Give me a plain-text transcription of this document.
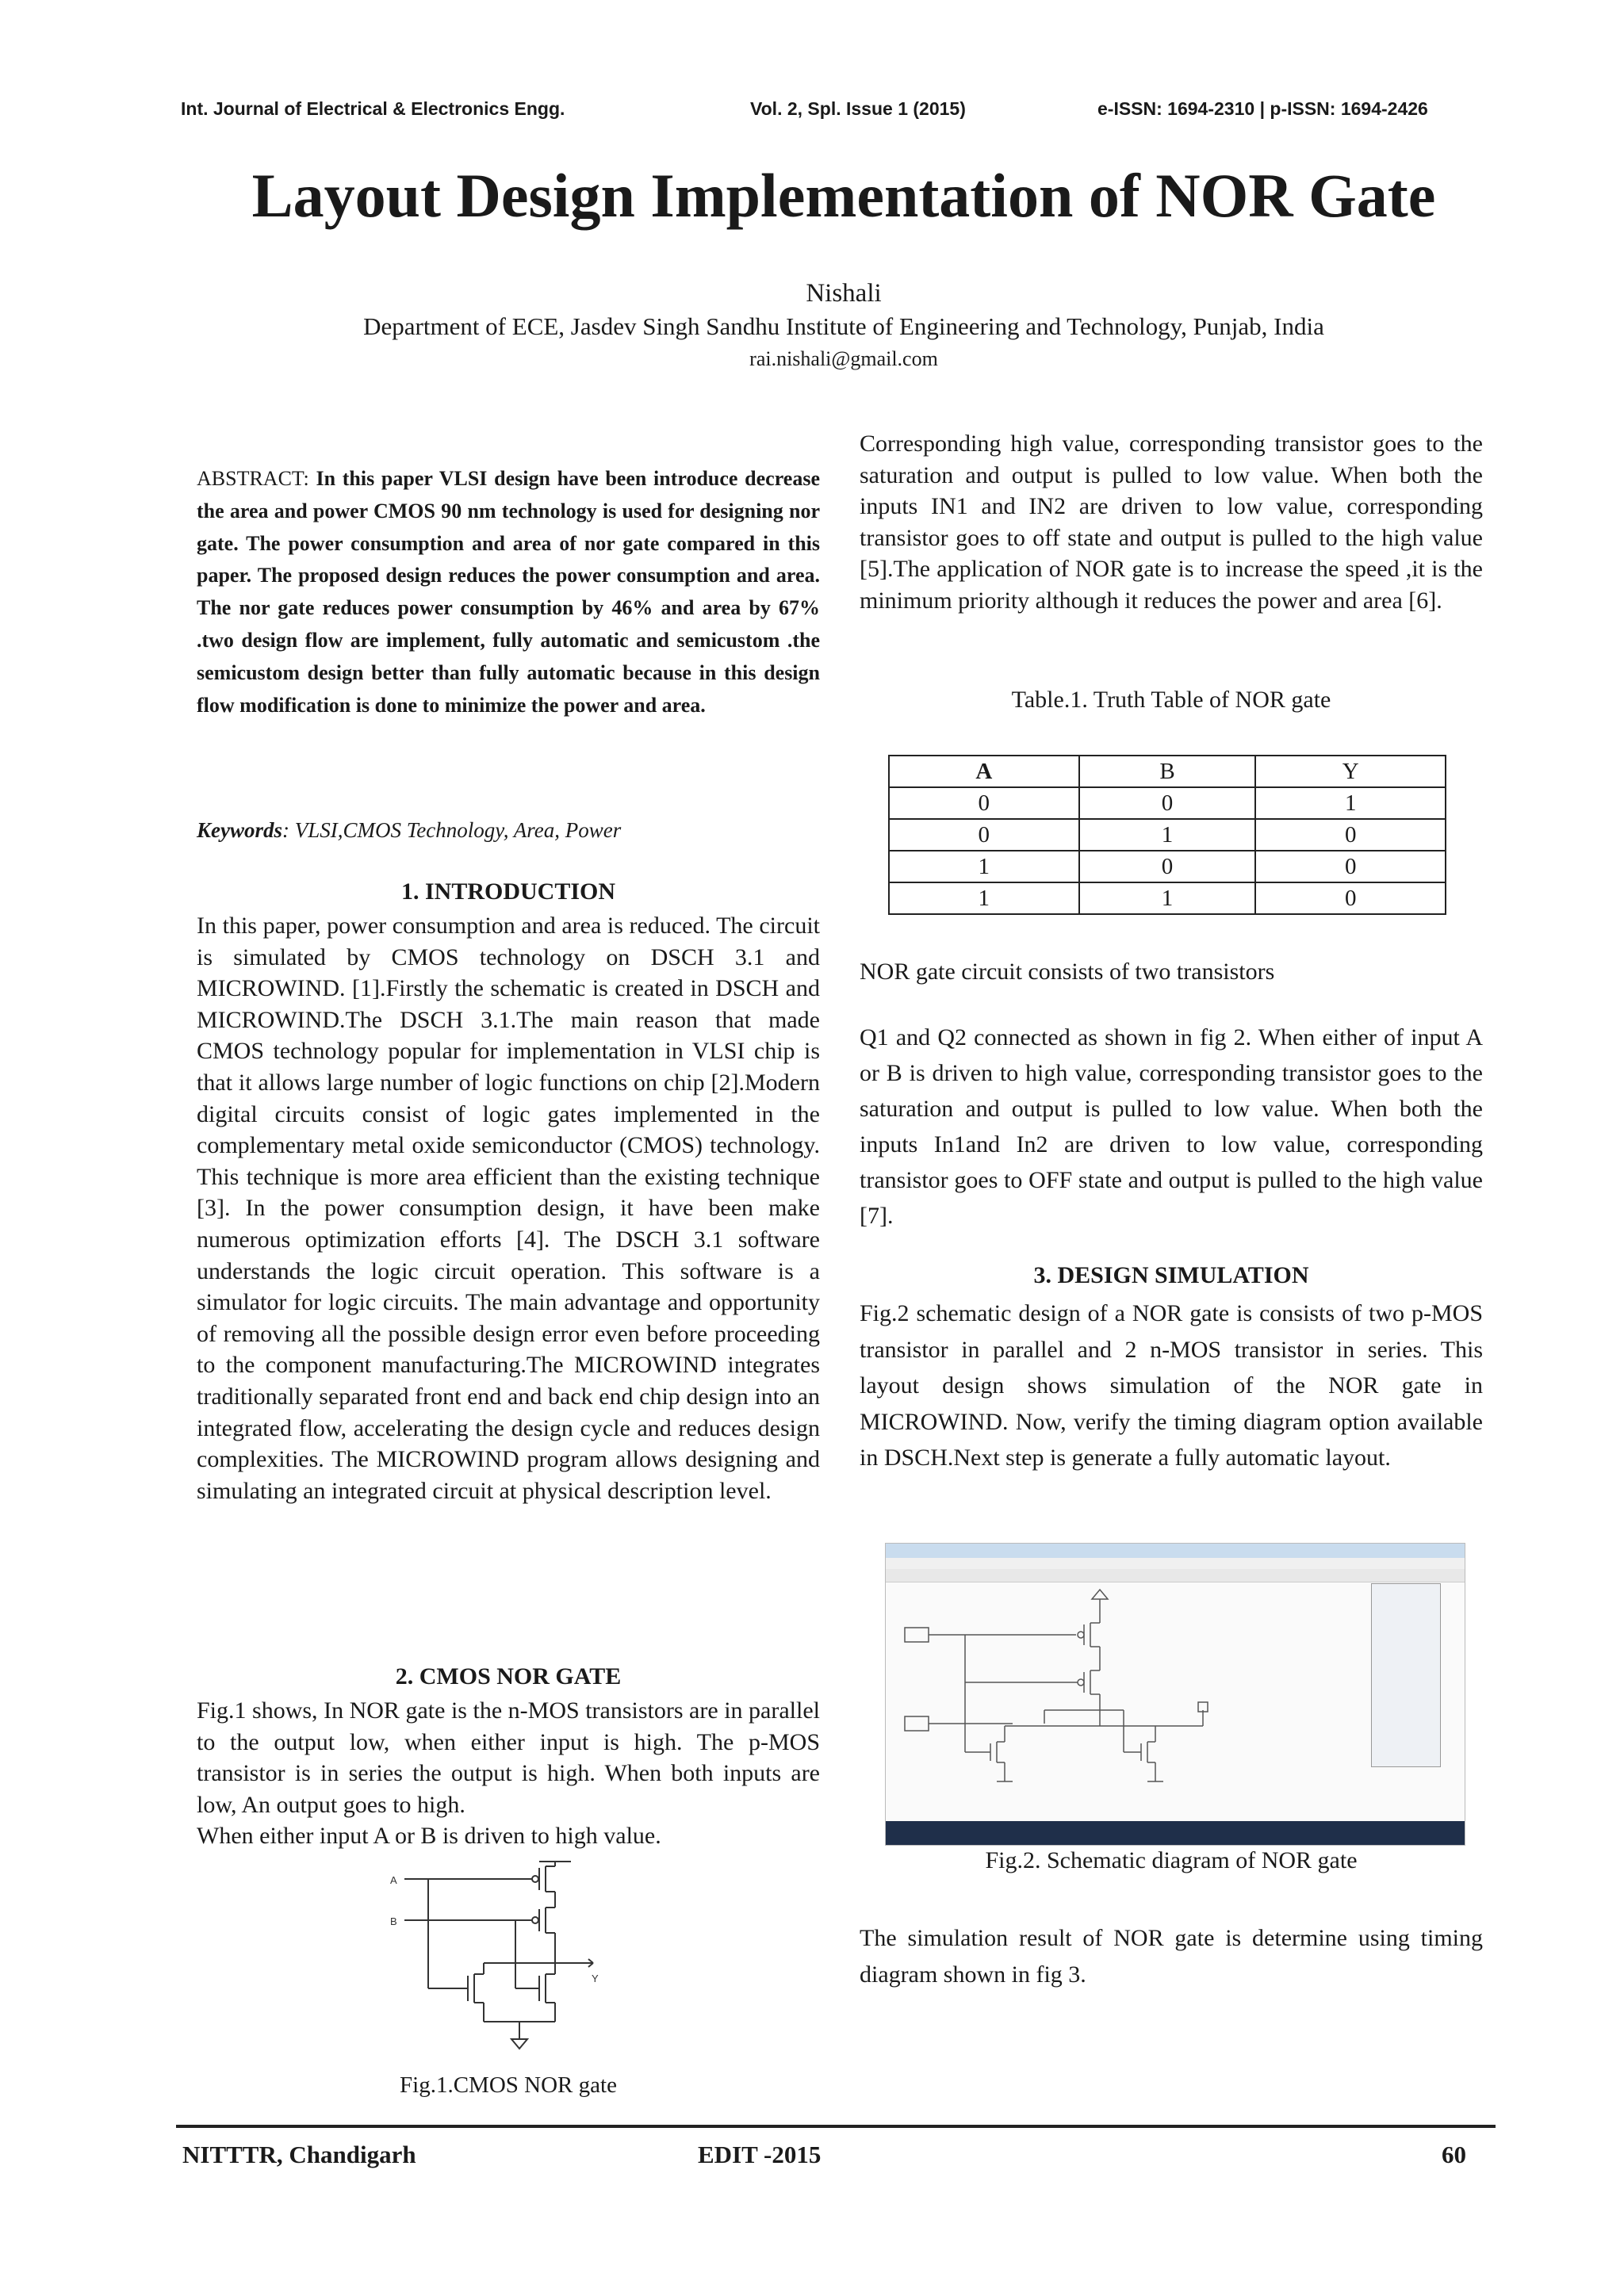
Int. Journal of Electrical & Electronics Engg.	Vol. 2, Spl. Issue 1 (2015)	e-ISSN: 1694-2310 | p-ISSN: 1694-2426
Layout Design Implementation of NOR Gate
Nishali
Department of ECE, Jasdev Singh Sandhu Institute of Engineering and Technology, Punjab, India
rai.nishali@gmail.com
ABSTRACT: In this paper VLSI design have been introduce decrease the area and power CMOS 90 nm technology is used for designing nor gate. The power consumption and area of nor gate compared in this paper. The proposed design reduces the power consumption and area. The nor gate reduces power consumption by 46% and area by 67% .two design flow are implement, fully automatic and semicustom .the semicustom design better than fully automatic because in this design flow modification is done to minimize the power and area.
Keywords: VLSI,CMOS Technology, Area, Power
1. INTRODUCTION
In this paper, power consumption and area is reduced. The circuit is simulated by CMOS technology on DSCH 3.1 and MICROWIND. [1].Firstly the schematic is created in DSCH and MICROWIND.The DSCH 3.1.The main reason that made CMOS technology popular for implementation in VLSI chip is that it allows large number of logic functions on chip [2].Modern digital circuits consist of logic gates implemented in the complementary metal oxide semiconductor (CMOS) technology. This technique is more area efficient than the existing technique [3]. In the power consumption design, it have been make numerous optimization efforts [4]. The DSCH 3.1 software understands the logic circuit operation. This software is a simulator for logic circuits. The main advantage and opportunity of removing all the possible design error even before proceeding to the component manufacturing.The MICROWIND integrates traditionally separated front end and back end chip design into an integrated flow, accelerating the design cycle and reduces design complexities. The MICROWIND program allows designing and simulating an integrated circuit at physical description level.
2. CMOS NOR GATE
Fig.1 shows, In NOR gate is the n-MOS transistors are in parallel to the output low, when either input is high. The p-MOS transistor is in series the output is high. When both inputs are low, An output goes to high.
When either input A or B is driven to high value.
A
B
Y
Fig.1.CMOS NOR gate
Corresponding high value, corresponding transistor goes to the saturation and output is pulled to low value. When both the inputs IN1 and IN2 are driven to low value, corresponding transistor goes to off state and output is pulled to the high value [5].The application of NOR gate is to increase the speed ,it is the minimum priority although it reduces the power and area [6].
Table.1. Truth Table of NOR gate
A	B	Y
0	0	1
0	1	0
1	0	0
1	1	0
NOR gate circuit consists of two transistors
Q1 and Q2 connected as shown in fig 2. When either of input A or B is driven to high value, corresponding transistor goes to the saturation and output is pulled to low value. When both the inputs In1and In2 are driven to low value, corresponding transistor goes to OFF state and output is pulled to the high value [7].
3. DESIGN SIMULATION
Fig.2 schematic design of a NOR gate is consists of two p-MOS transistor in parallel and 2 n-MOS transistor in series. This layout design shows simulation of the NOR gate in MICROWIND. Now, verify the timing diagram option available in DSCH.Next step is generate a fully automatic layout.
Fig.2. Schematic diagram of NOR gate
The simulation result of NOR gate is determine using timing diagram shown in fig 3.
NITTTR, Chandigarh	EDIT -2015	60
